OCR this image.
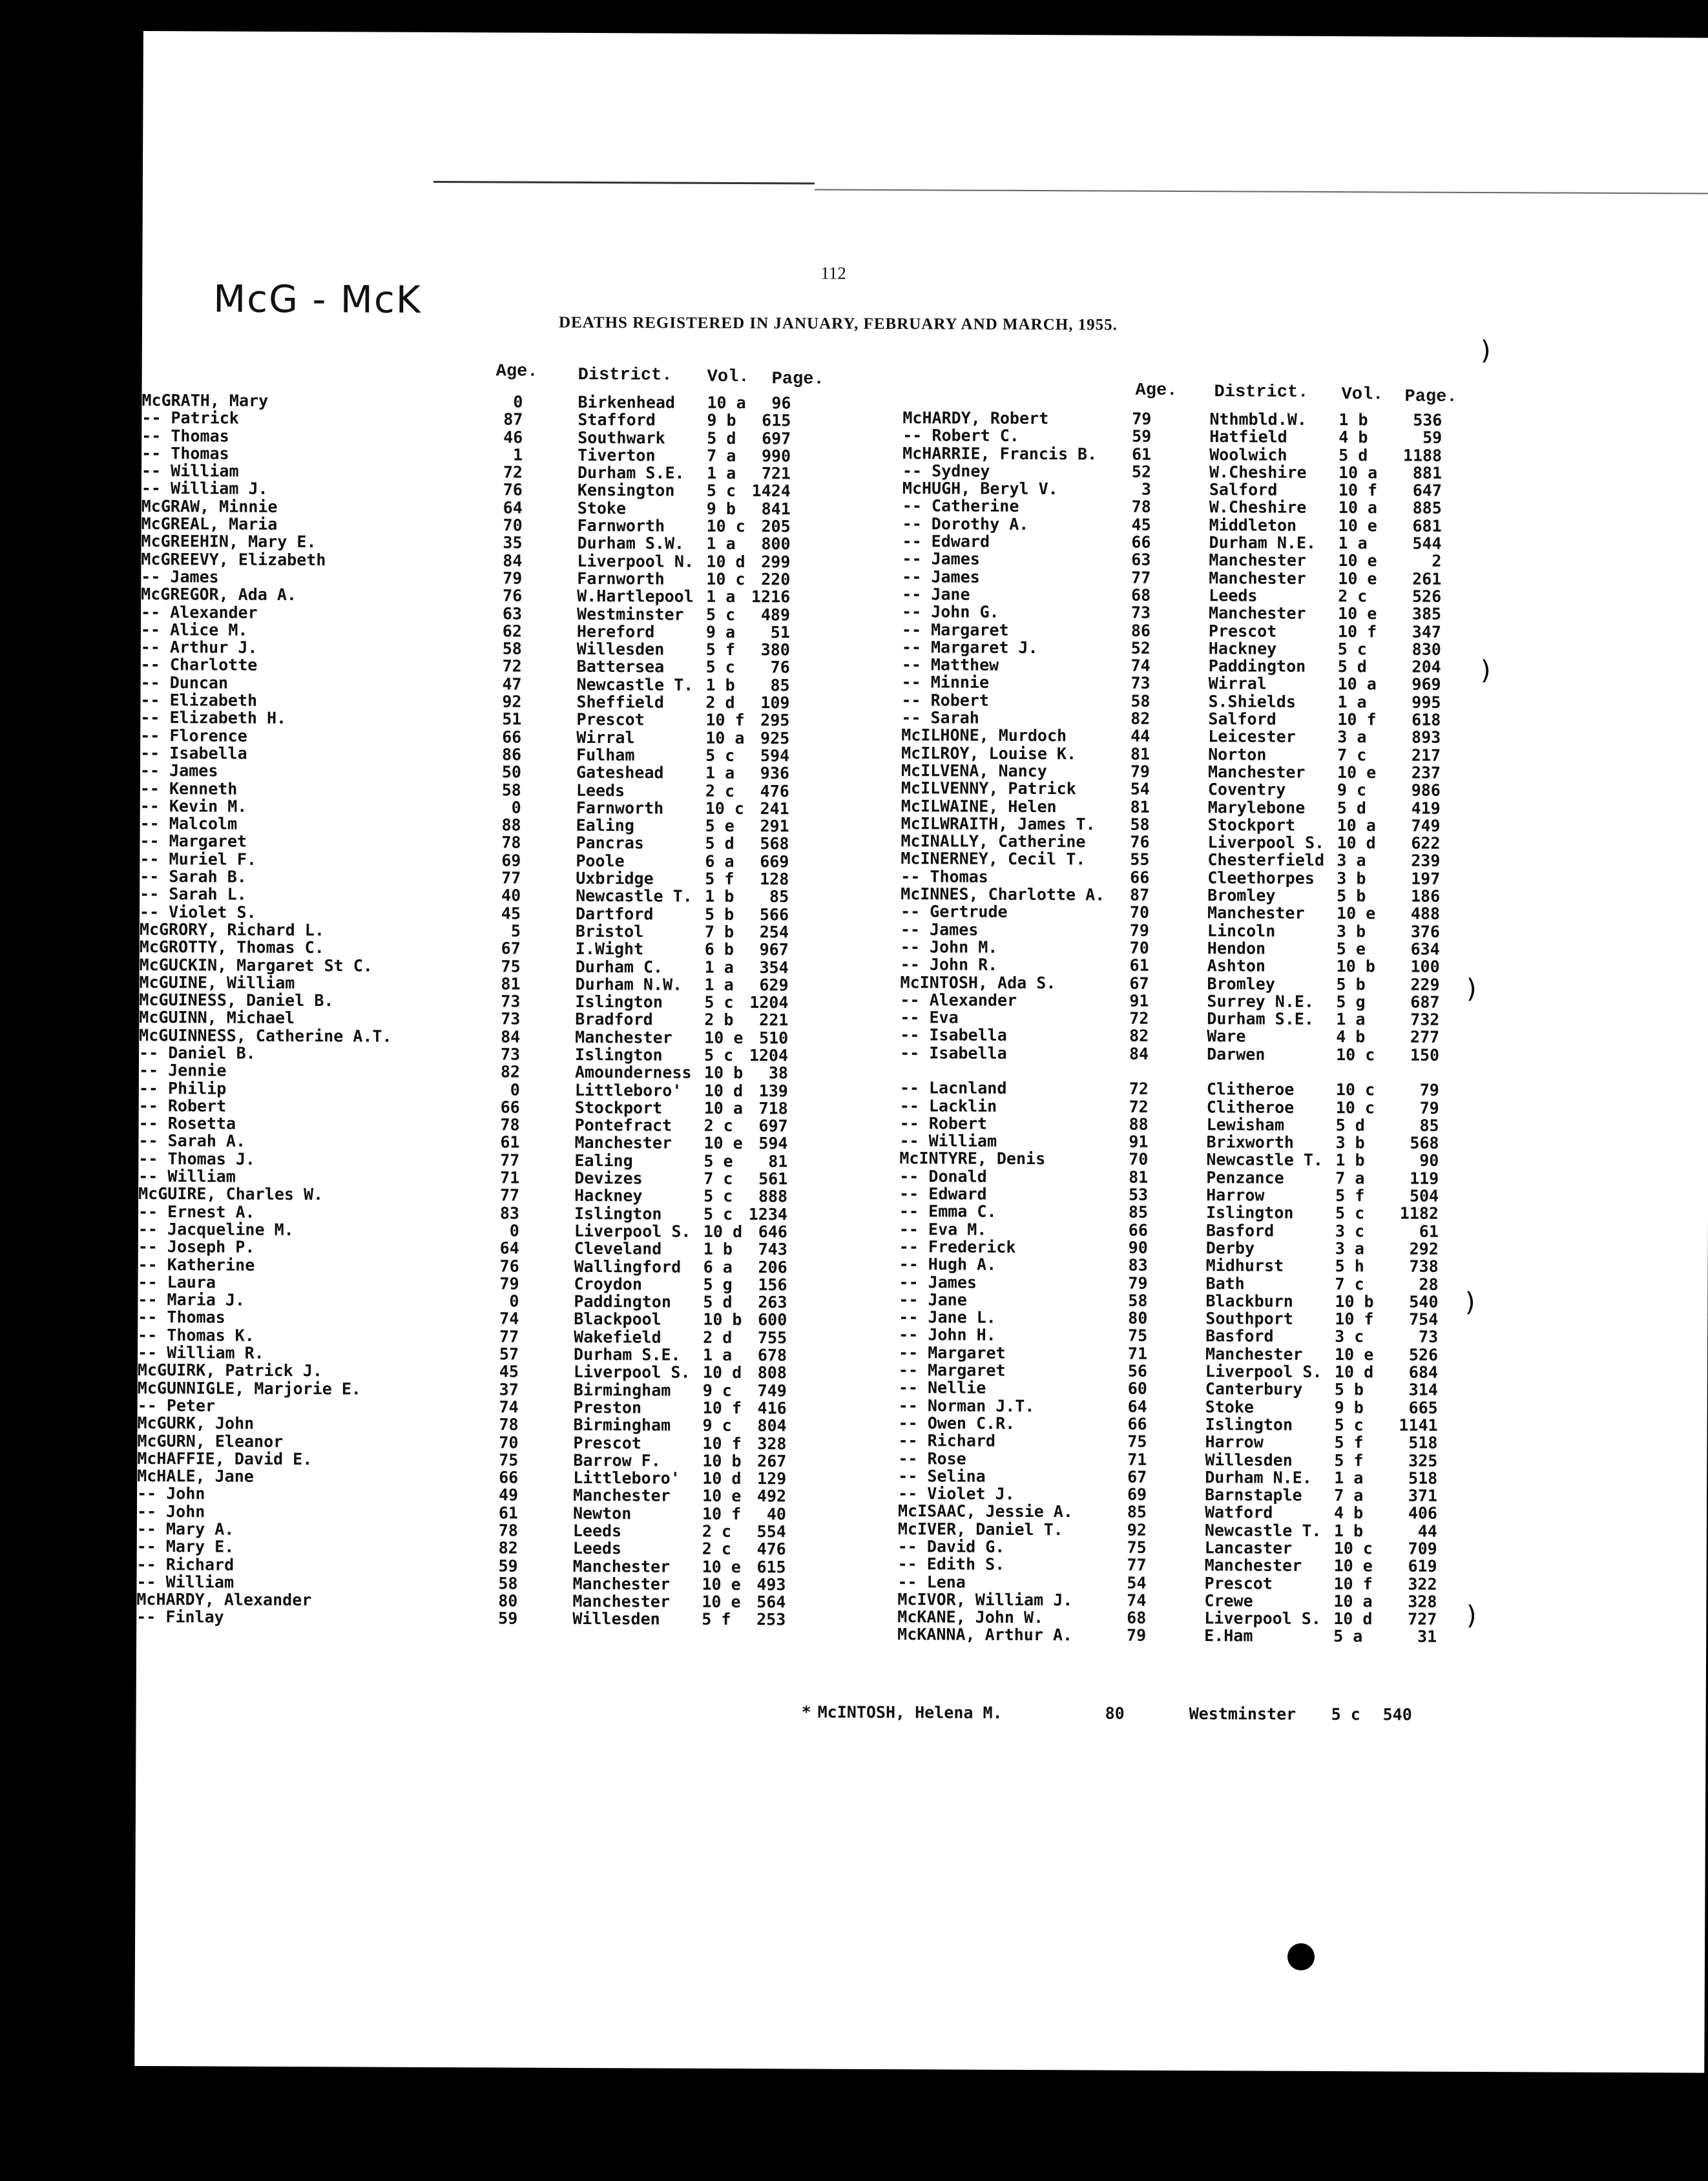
112
McG - McK
DEATHS REGISTERED IN JANUARY, FEBRUARY AND MARCH, 1955.
Age. District. Vol. Page.
Age. District. Vol. Page.
McGRATH, Mary	0	Birkenhead 10 a	96
-- Patrick	87	Stafford	9 b	615
-- Thomas	46	Southwark	5 d	697
-- Thomas	1	Tiverton	7 a	990
-- William	72	Durham S.E. 1 a	721
-- William J.	76	Kensington 5 c 1424
McGRAW, Minnie	64	Stoke	9 b	841
McGREAL, Maria	70	Farnworth	10 c 205
McGREEHIN, Mary E.	35	Durham S.W. 1 a	800
McGREEVY, Elizabeth	84	Liverpool N. 10 d 299
-- James	79	Farnworth	10 c 220
McGREGOR, Ada A.	76	W.Hartlepool 1 a 1216
-- Alexander	63	Westminster 5 c	489
-- Alice M.	62	Hereford	9 a	51
-- Arthur J.	58	Willesden	5 f	380
-- Charlotte	72	Battersea	5 c	76
-- Duncan	47	Newcastle T. 1 b	85
-- Elizabeth	92	Sheffield	2 d	109
-- Elizabeth H.	51	Prescot	10 f 295
-- Florence	66	Wirral	10 a 925
-- Isabella	86	Fulham	5 c	594
-- James	50	Gateshead	1 a	936
-- Kenneth	58	Leeds	2 c	476
-- Kevin M.	0	Farnworth	10 c 241
-- Malcolm	88	Ealing	5 e	291
-- Margaret	78	Pancras	5 d	568
-- Muriel F.	69	Poole	6 a	669
-- Sarah B.	77	Uxbridge	5 f	128
-- Sarah L.	40	Newcastle T. 1 b	85
-- Violet S.	45	Dartford	5 b	566
McGRORY, Richard L.	5	Bristol	7 b	254
McGROTTY, Thomas C.	67	I.Wight	6 b	967
McGUCKIN, Margaret St C.	75	Durham C.	1 a	354
McGUINE, William	81	Durham N.W. 1 a	629
McGUINESS, Daniel B.	73	Islington	5 c 1204
McGUINN, Michael	73	Bradford	2 b	221
McGUINNESS, Catherine A.T.	84	Manchester 10 e 510
-- Daniel B.	73	Islington	5 c 1204
-- Jennie	82	Amounderness 10 b	38
-- Philip	0	Littleboro' 10 d 139
-- Robert	66	Stockport	10 a 718
-- Rosetta	78	Pontefract 2 c	697
-- Sarah A.	61	Manchester 10 e 594
-- Thomas J.	77	Ealing	5 e	81
-- William	71	Devizes	7 c	561
McGUIRE, Charles W.	77	Hackney	5 c	888
-- Ernest A.	83	Islington	5 c 1234
-- Jacqueline M.	0	Liverpool S. 10 d 646
-- Joseph P.	64	Cleveland	1 b	743
-- Katherine	76	Wallingford 6 a	206
-- Laura	79	Croydon	5 g	156
-- Maria J.	0	Paddington 5 d	263
-- Thomas	74	Blackpool	10 b 600
-- Thomas K.	77	Wakefield	2 d	755
-- William R.	57	Durham S.E. 1 a	678
McGUIRK, Patrick J.	45	Liverpool S. 10 d 808
McGUNNIGLE, Marjorie E.	37	Birmingham 9 c	749
-- Peter	74	Preston	10 f 416
McGURK, John	78	Birmingham 9 c	804
McGURN, Eleanor	70	Prescot	10 f 328
McHAFFIE, David E.	75	Barrow F.	10 b 267
McHALE, Jane	66	Littleboro' 10 d 129
-- John	49	Manchester 10 e 492
-- John	61	Newton	10 f	40
-- Mary A.	78	Leeds	2 c	554
-- Mary E.	82	Leeds	2 c	476
-- Richard	59	Manchester 10 e 615
-- William	58	Manchester 10 e 493
McHARDY, Alexander	80	Manchester 10 e 564
-- Finlay	59	Willesden	5 f	253
McHARDY, Robert	79	Nthmbld.W. 1 b	536
-- Robert C.	59	Hatfield	4 b	59
McHARRIE, Francis B.	61	Woolwich	5 d	1188
-- Sydney	52	W.Cheshire 10 a	881
McHUGH, Beryl V.	3	Salford	10 f	647
-- Catherine	78	W.Cheshire 10 a	885
-- Dorothy A.	45	Middleton	10 e	681
-- Edward	66	Durham N.E. 1 a	544
-- James	63	Manchester 10 e	2
-- James	77	Manchester 10 e	261
-- Jane	68	Leeds	2 c	526
-- John G.	73	Manchester 10 e	385
-- Margaret	86	Prescot	10 f	347
-- Margaret J.	52	Hackney	5 c	830
-- Matthew	74	Paddington 5 d	204
-- Minnie	73	Wirral	10 a	969
-- Robert	58	S.Shields	1 a	995
-- Sarah	82	Salford	10 f	618
McILHONE, Murdoch	44	Leicester	3 a	893
McILROY, Louise K.	81	Norton	7 c	217
McILVENA, Nancy	79	Manchester 10 e	237
McILVENNY, Patrick	54	Coventry	9 c	986
McILWAINE, Helen	81	Marylebone 5 d	419
McILWRAITH, James T.	58	Stockport	10 a	749
McINALLY, Catherine	76	Liverpool S. 10 d	622
McINERNEY, Cecil T.	55	Chesterfield 3 a	239
-- Thomas	66	Cleethorpes 3 b	197
McINNES, Charlotte A.	87	Bromley	5 b	186
-- Gertrude	70	Manchester 10 e	488
-- James	79	Lincoln	3 b	376
-- John M.	70	Hendon	5 e	634
-- John R.	61	Ashton	10 b	100
McINTOSH, Ada S.	67	Bromley	5 b	229
-- Alexander	91	Surrey N.E. 5 g	687
-- Eva	72	Durham S.E. 1 a	732
-- Isabella	82	Ware	4 b	277
-- Isabella	84	Darwen	10 c	150
-- Lacnland	72	Clitheroe	10 c	79
-- Lacklin	72	Clitheroe	10 c	79
-- Robert	88	Lewisham	5 d	85
-- William	91	Brixworth	3 b	568
McINTYRE, Denis	70	Newcastle T. 1 b	90
-- Donald	81	Penzance	7 a	119
-- Edward	53	Harrow	5 f	504
-- Emma C.	85	Islington	5 c	1182
-- Eva M.	66	Basford	3 c	61
-- Frederick	90	Derby	3 a	292
-- Hugh A.	83	Midhurst	5 h	738
-- James	79	Bath	7 c	28
-- Jane	58	Blackburn	10 b	540
-- Jane L.	80	Southport	10 f	754
-- John H.	75	Basford	3 c	73
-- Margaret	71	Manchester 10 e	526
-- Margaret	56	Liverpool S. 10 d	684
-- Nellie	60	Canterbury 5 b	314
-- Norman J.T.	64	Stoke	9 b	665
-- Owen C.R.	66	Islington	5 c	1141
-- Richard	75	Harrow	5 f	518
-- Rose	71	Willesden	5 f	325
-- Selina	67	Durham N.E. 1 a	518
-- Violet J.	69	Barnstaple 7 a	371
McISAAC, Jessie A.	85	Watford	4 b	406
McIVER, Daniel T.	92	Newcastle T. 1 b	44
-- David G.	75	Lancaster	10 c	709
-- Edith S.	77	Manchester 10 e	619
-- Lena	54	Prescot	10 f	322
McIVOR, William J.	74	Crewe	10 a	328
McKANE, John W.	68	Liverpool S. 10 d	727
McKANNA, Arthur A.	79	E.Ham	5 a	31
* McINTOSH, Helena M.	80	Westminster 5 c 540
)
)
)
)
)
